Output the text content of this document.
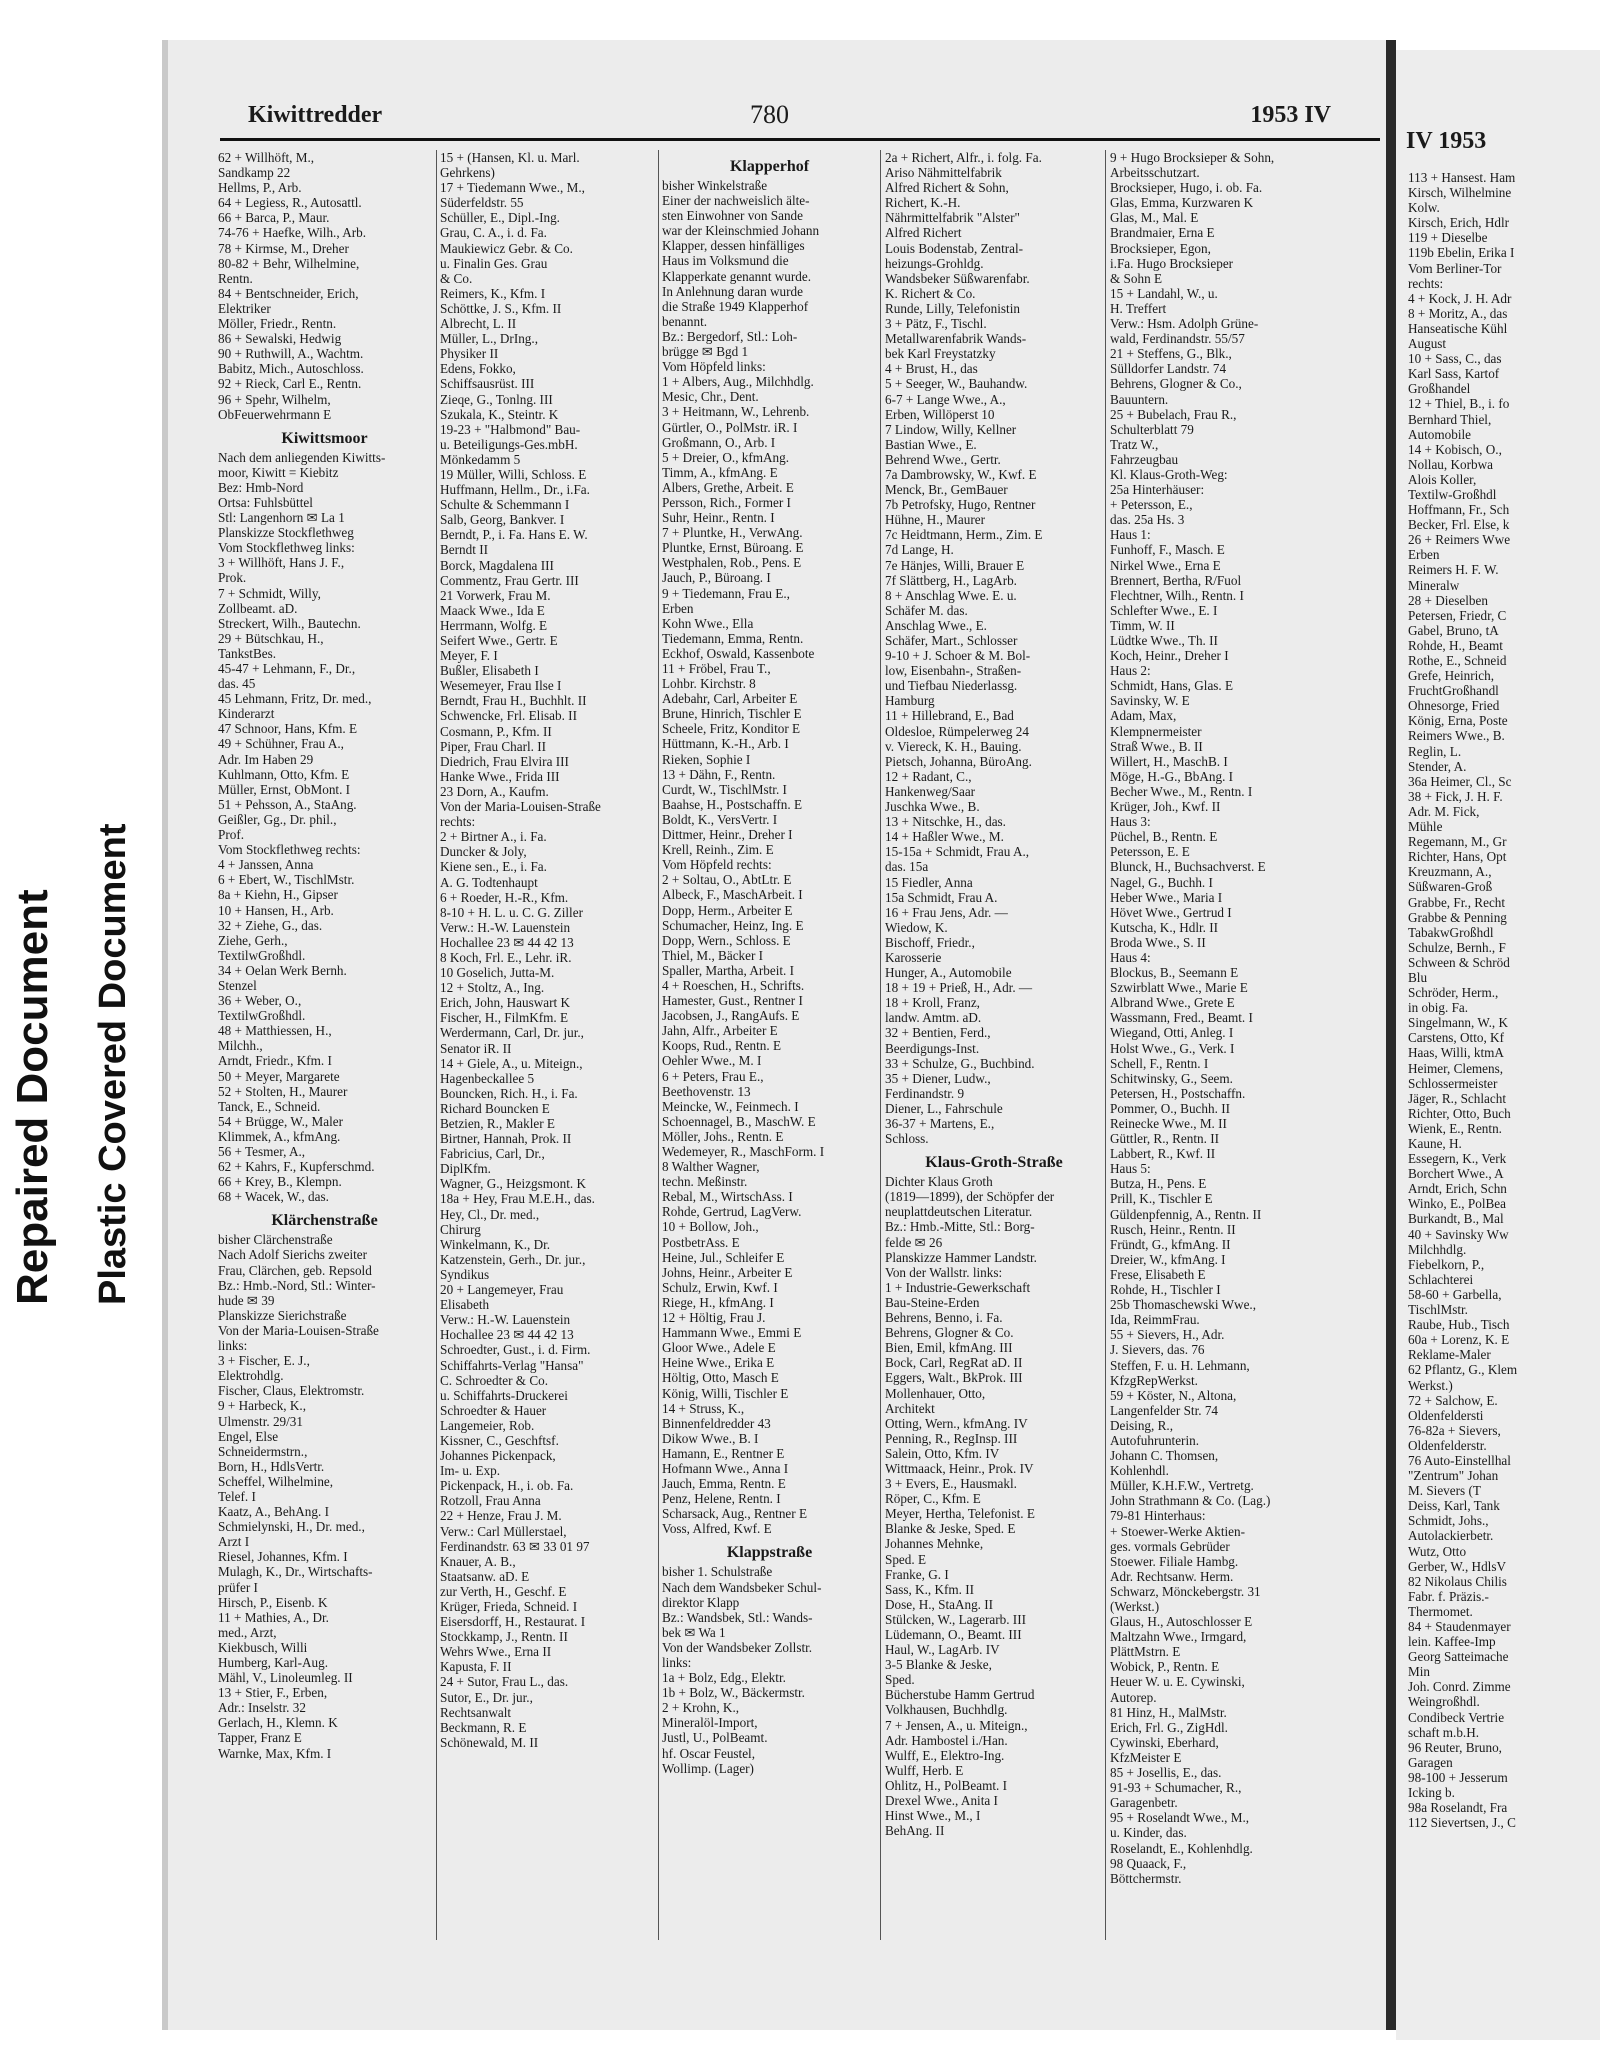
Repaired Document Plastic Covered Document
IV 1953
113 + Hansest. Ham
Kirsch, Wilhelmine
Kolw.
Kirsch, Erich, Hdlr
119 + Dieselbe
119b Ebelin, Erika I
Vom Berliner-Tor
rechts:
4 + Kock, J. H. Adr
8 + Moritz, A., das
Hanseatische Kühl
August
10 + Sass, C., das
Karl Sass, Kartof
Großhandel
12 + Thiel, B., i. fo
Bernhard Thiel,
Automobile
14 + Kobisch, O.,
Nollau, Korbwa
Alois Koller,
Textilw-Großhdl
Hoffmann, Fr., Sch
Becker, Frl. Else, k
26 + Reimers Wwe
Erben
Reimers H. F. W.
Mineralw
28 + Dieselben
Petersen, Friedr, C
Gabel, Bruno, tA
Rohde, H., Beamt
Rothe, E., Schneid
Grefe, Heinrich,
FruchtGroßhandl
Ohnesorge, Fried
König, Erna, Poste
Reimers Wwe., B.
Reglin, L.
Stender, A.
36a Heimer, Cl., Sc
38 + Fick, J. H. F.
Adr. M. Fick,
Mühle
Regemann, M., Gr
Richter, Hans, Opt
Kreuzmann, A.,
Süßwaren-Groß
Grabbe, Fr., Recht
Grabbe & Penning
TabakwGroßhdl
Schulze, Bernh., F
Schween & Schröd
Blu
Schröder, Herm.,
in obig. Fa.
Singelmann, W., K
Carstens, Otto, Kf
Haas, Willi, ktmA
Heimer, Clemens,
Schlossermeister
Jäger, R., Schlacht
Richter, Otto, Buch
Wienk, E., Rentn.
Kaune, H.
Essegern, K., Verk
Borchert Wwe., A
Arndt, Erich, Schn
Winko, E., PolBea
Burkandt, B., Mal
40 + Savinsky Ww
Milchhdlg.
Fiebelkorn, P.,
Schlachterei
58-60 + Garbella,
TischlMstr.
Raube, Hub., Tisch
60a + Lorenz, K. E
Reklame-Maler
62 Pflantz, G., Klem
Werkst.)
72 + Salchow, E.
Oldenfeldersti
76-82a + Sievers,
Oldenfelderstr.
76 Auto-Einstellhal
"Zentrum" Johan
M. Sievers (T
Deiss, Karl, Tank
Schmidt, Johs.,
Autolackierbetr.
Wutz, Otto
Gerber, W., HdlsV
82 Nikolaus Chilis
Fabr. f. Präzis.-
Thermomet.
84 + Staudenmayer
lein. Kaffee-Imp
Georg Satteimache
Min
Joh. Conrd. Zimme
Weingroßhdl.
Condibeck Vertrie
schaft m.b.H.
96 Reuter, Bruno,
Garagen
98-100 + Jesserum
Icking b.
98a Roselandt, Fra
112 Sievertsen, J., C
Kiwittredder	780	1953 IV
62 + Willhöft, M.,
Sandkamp 22
Hellms, P., Arb.
64 + Legiess, R., Autosattl.
66 + Barca, P., Maur.
74-76 + Haefke, Wilh., Arb.
78 + Kirmse, M., Dreher
80-82 + Behr, Wilhelmine,
Rentn.
84 + Bentschneider, Erich,
Elektriker
Möller, Friedr., Rentn.
86 + Sewalski, Hedwig
90 + Ruthwill, A., Wachtm.
Babitz, Mich., Autoschloss.
92 + Rieck, Carl E., Rentn.
96 + Spehr, Wilhelm,
ObFeuerwehrmann E
Kiwittsmoor
Nach dem anliegenden Kiwitts-
moor, Kiwitt = Kiebitz
Bez: Hmb-Nord
Ortsa: Fuhlsbüttel
Stl: Langenhorn ✉ La 1
Planskizze Stockflethweg
Vom Stockflethweg links:
3 + Willhöft, Hans J. F.,
Prok.
7 + Schmidt, Willy,
Zollbeamt. aD.
Streckert, Wilh., Bautechn.
29 + Bütschkau, H.,
TankstBes.
45-47 + Lehmann, F., Dr.,
das. 45
45 Lehmann, Fritz, Dr. med.,
Kinderarzt
47 Schnoor, Hans, Kfm. E
49 + Schühner, Frau A.,
Adr. Im Haben 29
Kuhlmann, Otto, Kfm. E
Müller, Ernst, ObMont. I
51 + Pehsson, A., StaAng.
Geißler, Gg., Dr. phil.,
Prof.
Vom Stockflethweg rechts:
4 + Janssen, Anna
6 + Ebert, W., TischlMstr.
8a + Kiehn, H., Gipser
10 + Hansen, H., Arb.
32 + Ziehe, G., das.
Ziehe, Gerh.,
TextilwGroßhdl.
34 + Oelan Werk Bernh.
Stenzel
36 + Weber, O.,
TextilwGroßhdl.
48 + Matthiessen, H.,
Milchh.,
Arndt, Friedr., Kfm. I
50 + Meyer, Margarete
52 + Stolten, H., Maurer
Tanck, E., Schneid.
54 + Brügge, W., Maler
Klimmek, A., kfmAng.
56 + Tesmer, A.,
62 + Kahrs, F., Kupferschmd.
66 + Krey, B., Klempn.
68 + Wacek, W., das.
Klärchenstraße
bisher Clärchenstraße
Nach Adolf Sierichs zweiter
Frau, Clärchen, geb. Repsold
Bz.: Hmb.-Nord, Stl.: Winter-
hude ✉ 39
Planskizze Sierichstraße
Von der Maria-Louisen-Straße
links:
3 + Fischer, E. J.,
Elektrohdlg.
Fischer, Claus, Elektromstr.
9 + Harbeck, K.,
Ulmenstr. 29/31
Engel, Else
Schneidermstrn.,
Born, H., HdlsVertr.
Scheffel, Wilhelmine,
Telef. I
Kaatz, A., BehAng. I
Schmielynski, H., Dr. med.,
Arzt I
Riesel, Johannes, Kfm. I
Mulagh, K., Dr., Wirtschafts-
prüfer I
Hirsch, P., Eisenb. K
11 + Mathies, A., Dr.
med., Arzt,
Kiekbusch, Willi
Humberg, Karl-Aug.
Mähl, V., Linoleumleg. II
13 + Stier, F., Erben,
Adr.: Inselstr. 32
Gerlach, H., Klemn. K
Tapper, Franz E
Warnke, Max, Kfm. I
15 + (Hansen, Kl. u. Marl.
Gehrkens)
17 + Tiedemann Wwe., M.,
Süderfeldstr. 55
Schüller, E., Dipl.-Ing.
Grau, C. A., i. d. Fa.
Maukiewicz Gebr. & Co.
u. Finalin Ges. Grau
& Co.
Reimers, K., Kfm. I
Schöttke, J. S., Kfm. II
Albrecht, L. II
Müller, L., DrIng.,
Physiker II
Edens, Fokko,
Schiffsausrüst. III
Zieqe, G., Tonlng. III
Szukala, K., Steintr. K
19-23 + "Halbmond" Bau-
u. Beteiligungs-Ges.mbH.
Mönkedamm 5
19 Müller, Willi, Schloss. E
Huffmann, Hellm., Dr., i.Fa.
Schulte & Schemmann I
Salb, Georg, Bankver. I
Berndt, P., i. Fa. Hans E. W.
Berndt II
Borck, Magdalena III
Commentz, Frau Gertr. III
21 Vorwerk, Frau M.
Maack Wwe., Ida E
Herrmann, Wolfg. E
Seifert Wwe., Gertr. E
Meyer, F. I
Bußler, Elisabeth I
Wesemeyer, Frau Ilse I
Berndt, Frau H., Buchhlt. II
Schwencke, Frl. Elisab. II
Cosmann, P., Kfm. II
Piper, Frau Charl. II
Diedrich, Frau Elvira III
Hanke Wwe., Frida III
23 Dorn, A., Kaufm.
Von der Maria-Louisen-Straße
rechts:
2 + Birtner A., i. Fa.
Duncker & Joly,
Kiene sen., E., i. Fa.
A. G. Todtenhaupt
6 + Roeder, H.-R., Kfm.
8-10 + H. L. u. C. G. Ziller
Verw.: H.-W. Lauenstein
Hochallee 23 ✉ 44 42 13
8 Koch, Frl. E., Lehr. iR.
10 Goselich, Jutta-M.
12 + Stoltz, A., Ing.
Erich, John, Hauswart K
Fischer, H., FilmKfm. E
Werdermann, Carl, Dr. jur.,
Senator iR. II
14 + Giele, A., u. Miteign.,
Hagenbeckallee 5
Bouncken, Rich. H., i. Fa.
Richard Bouncken E
Betzien, R., Makler E
Birtner, Hannah, Prok. II
Fabricius, Carl, Dr.,
DiplKfm.
Wagner, G., Heizgsmont. K
18a + Hey, Frau M.E.H., das.
Hey, Cl., Dr. med.,
Chirurg
Winkelmann, K., Dr.
Katzenstein, Gerh., Dr. jur.,
Syndikus
20 + Langemeyer, Frau
Elisabeth
Verw.: H.-W. Lauenstein
Hochallee 23 ✉ 44 42 13
Schroedter, Gust., i. d. Firm.
Schiffahrts-Verlag "Hansa"
C. Schroedter & Co.
u. Schiffahrts-Druckerei
Schroedter & Hauer
Langemeier, Rob.
Kissner, C., Geschftsf.
Johannes Pickenpack,
Im- u. Exp.
Pickenpack, H., i. ob. Fa.
Rotzoll, Frau Anna
22 + Henze, Frau J. M.
Verw.: Carl Müllerstael,
Ferdinandstr. 63 ✉ 33 01 97
Knauer, A. B.,
Staatsanw. aD. E
zur Verth, H., Geschf. E
Krüger, Frieda, Schneid. I
Eisersdorff, H., Restaurat. I
Stockkamp, J., Rentn. II
Wehrs Wwe., Erna II
Kapusta, F. II
24 + Sutor, Frau L., das.
Sutor, E., Dr. jur.,
Rechtsanwalt
Beckmann, R. E
Schönewald, M. II
Klapperhof
bisher Winkelstraße
Einer der nachweislich älte-
sten Einwohner von Sande
war der Kleinschmied Johann
Klapper, dessen hinfälliges
Haus im Volksmund die
Klapperkate genannt wurde.
In Anlehnung daran wurde
die Straße 1949 Klapperhof
benannt.
Bz.: Bergedorf, Stl.: Loh-
brügge ✉ Bgd 1
Vom Höpfeld links:
1 + Albers, Aug., Milchhdlg.
Mesic, Chr., Dent.
3 + Heitmann, W., Lehrenb.
Gürtler, O., PolMstr. iR. I
Großmann, O., Arb. I
5 + Dreier, O., kfmAng.
Timm, A., kfmAng. E
Albers, Grethe, Arbeit. E
Persson, Rich., Former I
Suhr, Heinr., Rentn. I
7 + Pluntke, H., VerwAng.
Pluntke, Ernst, Büroang. E
Westphalen, Rob., Pens. E
Jauch, P., Büroang. I
9 + Tiedemann, Frau E.,
Erben
Kohn Wwe., Ella
Tiedemann, Emma, Rentn.
Eckhof, Oswald, Kassenbote
11 + Fröbel, Frau T.,
Lohbr. Kirchstr. 8
Adebahr, Carl, Arbeiter E
Brune, Hinrich, Tischler E
Scheele, Fritz, Konditor E
Hüttmann, K.-H., Arb. I
Rieken, Sophie I
13 + Dähn, F., Rentn.
Curdt, W., TischlMstr. I
Baahse, H., Postschaffn. E
Boldt, K., VersVertr. I
Dittmer, Heinr., Dreher I
Krell, Reinh., Zim. E
Vom Höpfeld rechts:
2 + Soltau, O., AbtLtr. E
Albeck, F., MaschArbeit. I
Dopp, Herm., Arbeiter E
Schumacher, Heinz, Ing. E
Dopp, Wern., Schloss. E
Thiel, M., Bäcker I
Spaller, Martha, Arbeit. I
4 + Roeschen, H., Schrifts.
Hamester, Gust., Rentner I
Jacobsen, J., RangAufs. E
Jahn, Alfr., Arbeiter E
Koops, Rud., Rentn. E
Oehler Wwe., M. I
6 + Peters, Frau E.,
Beethovenstr. 13
Meincke, W., Feinmech. I
Schoennagel, B., MaschW. E
Möller, Johs., Rentn. E
Wedemeyer, R., MaschForm. I
8 Walther Wagner,
techn. Meßinstr.
Rebal, M., WirtschAss. I
Rohde, Gertrud, LagVerw.
10 + Bollow, Joh.,
PostbetrAss. E
Heine, Jul., Schleifer E
Johns, Heinr., Arbeiter E
Schulz, Erwin, Kwf. I
Riege, H., kfmAng. I
12 + Höltig, Frau J.
Hammann Wwe., Emmi E
Gloor Wwe., Adele E
Heine Wwe., Erika E
Höltig, Otto, Masch E
König, Willi, Tischler E
14 + Struss, K.,
Binnenfeldredder 43
Dikow Wwe., B. I
Hamann, E., Rentner E
Hofmann Wwe., Anna I
Jauch, Emma, Rentn. E
Penz, Helene, Rentn. I
Scharsack, Aug., Rentner E
Voss, Alfred, Kwf. E
Klappstraße
bisher 1. Schulstraße
Nach dem Wandsbeker Schul-
direktor Klapp
Bz.: Wandsbek, Stl.: Wands-
bek ✉ Wa 1
Von der Wandsbeker Zollstr.
links:
1a + Bolz, Edg., Elektr.
1b + Bolz, W., Bäckermstr.
2 + Krohn, K.,
Mineralöl-Import,
Justl, U., PolBeamt.
hf. Oscar Feustel,
Wollimp. (Lager)
2a + Richert, Alfr., i. folg. Fa.
Ariso Nähmittelfabrik
Alfred Richert & Sohn,
Richert, K.-H.
Nährmittelfabrik "Alster"
Alfred Richert
Louis Bodenstab, Zentral-
heizungs-Grohldg.
Wandsbeker Süßwarenfabr.
K. Richert & Co.
Runde, Lilly, Telefonistin
3 + Pätz, F., Tischl.
Metallwarenfabrik Wands-
bek Karl Freystatzky
4 + Brust, H., das
5 + Seeger, W., Bauhandw.
6-7 + Lange Wwe., A.,
Erben, Willöperst 10
7 Lindow, Willy, Kellner
Bastian Wwe., E.
Behrend Wwe., Gertr.
7a Dambrowsky, W., Kwf. E
Menck, Br., GemBauer
7b Petrofsky, Hugo, Rentner
Hühne, H., Maurer
7c Heidtmann, Herm., Zim. E
7d Lange, H.
7e Hänjes, Willi, Brauer E
7f Slättberg, H., LagArb.
8 + Anschlag Wwe. E. u.
Schäfer M. das.
Anschlag Wwe., E.
Schäfer, Mart., Schlosser
9-10 + J. Schoer & M. Bol-
low, Eisenbahn-, Straßen-
und Tiefbau Niederlassg.
Hamburg
11 + Hillebrand, E., Bad
Oldesloe, Rümpelerweg 24
v. Viereck, K. H., Bauing.
Pietsch, Johanna, BüroAng.
12 + Radant, C.,
Hankenweg/Saar
Juschka Wwe., B.
13 + Nitschke, H., das.
14 + Haßler Wwe., M.
15-15a + Schmidt, Frau A.,
das. 15a
15 Fiedler, Anna
15a Schmidt, Frau A.
16 + Frau Jens, Adr. —
Wiedow, K.
Bischoff, Friedr.,
Karosserie
Hunger, A., Automobile
18 + 19 + Prieß, H., Adr. —
18 + Kroll, Franz,
landw. Amtm. aD.
32 + Bentien, Ferd.,
Beerdigungs-Inst.
33 + Schulze, G., Buchbind.
35 + Diener, Ludw.,
Ferdinandstr. 9
Diener, L., Fahrschule
36-37 + Martens, E.,
Schloss.
Klaus-Groth-Straße
Dichter Klaus Groth
(1819—1899), der Schöpfer der
neuplattdeutschen Literatur.
Bz.: Hmb.-Mitte, Stl.: Borg-
felde ✉ 26
Planskizze Hammer Landstr.
Von der Wallstr. links:
1 + Industrie-Gewerkschaft
Bau-Steine-Erden
Behrens, Benno, i. Fa.
Behrens, Glogner & Co.
Bien, Emil, kfmAng. III
Bock, Carl, RegRat aD. II
Eggers, Walt., BkProk. III
Mollenhauer, Otto,
Architekt
Otting, Wern., kfmAng. IV
Penning, R., RegInsp. III
Salein, Otto, Kfm. IV
Wittmaack, Heinr., Prok. IV
3 + Evers, E., Hausmakl.
Röper, C., Kfm. E
Meyer, Hertha, Telefonist. E
Blanke & Jeske, Sped. E
Johannes Mehnke,
Sped. E
Franke, G. I
Sass, K., Kfm. II
Dose, H., StaAng. II
Stülcken, W., Lagerarb. III
Lüdemann, O., Beamt. III
Haul, W., LagArb. IV
3-5 Blanke & Jeske,
Sped.
Bücherstube Hamm Gertrud
Volkhausen, Buchhdlg.
7 + Jensen, A., u. Miteign.,
Adr. Hambostel i./Han.
Wulff, E., Elektro-Ing.
Wulff, Herb. E
Ohlitz, H., PolBeamt. I
Drexel Wwe., Anita I
Hinst Wwe., M., I
BehAng. II
9 + Hugo Brocksieper & Sohn,
Arbeitsschutzart.
Brocksieper, Hugo, i. ob. Fa.
Glas, Emma, Kurzwaren K
Glas, M., Mal. E
Brandmaier, Erna E
Brocksieper, Egon,
i.Fa. Hugo Brocksieper
& Sohn E
15 + Landahl, W., u.
H. Treffert
Verw.: Hsm. Adolph Grüne-
wald, Ferdinandstr. 55/57
21 + Steffens, G., Blk.,
Sülldorfer Landstr. 74
Behrens, Glogner & Co.,
Bauuntern.
25 + Bubelach, Frau R.,
Schulterblatt 79
Tratz W.,
Fahrzeugbau
Kl. Klaus-Groth-Weg:
25a Hinterhäuser:
+ Petersson, E.,
das. 25a Hs. 3
Haus 1:
Funhoff, F., Masch. E
Nirkel Wwe., Erna E
Brennert, Bertha, R/Fuol
Flechtner, Wilh., Rentn. I
Schlefter Wwe., E. I
Timm, W. II
Lüdtke Wwe., Th. II
Koch, Heinr., Dreher I
Haus 2:
Schmidt, Hans, Glas. E
Savinsky, W. E
Adam, Max,
Klempnermeister
Straß Wwe., B. II
Willert, H., MaschB. I
Möge, H.-G., BbAng. I
Becher Wwe., M., Rentn. I
Krüger, Joh., Kwf. II
Haus 3:
Püchel, B., Rentn. E
Petersson, E. E
Blunck, H., Buchsachverst. E
Nagel, G., Buchh. I
Heber Wwe., Maria I
Hövet Wwe., Gertrud I
Kutscha, K., Hdlr. II
Broda Wwe., S. II
Haus 4:
Blockus, B., Seemann E
Szwirblatt Wwe., Marie E
Albrand Wwe., Grete E
Wassmann, Fred., Beamt. I
Wiegand, Otti, Anleg. I
Holst Wwe., G., Verk. I
Schell, F., Rentn. I
Schitwinsky, G., Seem.
Petersen, H., Postschaffn.
Pommer, O., Buchh. II
Reinecke Wwe., M. II
Güttler, R., Rentn. II
Labbert, R., Kwf. II
Haus 5:
Butza, H., Pens. E
Prill, K., Tischler E
Güldenpfennig, A., Rentn. II
Rusch, Heinr., Rentn. II
Fründt, G., kfmAng. II
Dreier, W., kfmAng. I
Frese, Elisabeth E
Rohde, H., Tischler I
25b Thomaschewski Wwe.,
Ida, ReimmFrau.
55 + Sievers, H., Adr.
J. Sievers, das. 76
Steffen, F. u. H. Lehmann,
KfzgRepWerkst.
59 + Köster, N., Altona,
Langenfelder Str. 74
Deising, R.,
Autofuhrunterin.
Johann C. Thomsen,
Kohlenhdl.
Müller, K.H.F.W., Vertretg.
John Strathmann & Co. (Lag.)
79-81 Hinterhaus:
+ Stoewer-Werke Aktien-
ges. vormals Gebrüder
Stoewer. Filiale Hambg.
Adr. Rechtsanw. Herm.
Schwarz, Mönckebergstr. 31
(Werkst.)
Glaus, H., Autoschlosser E
Maltzahn Wwe., Irmgard,
PlättMstrn. E
Wobick, P., Rentn. E
Heuer W. u. E. Cywinski,
Autorep.
81 Hinz, H., MalMstr.
Erich, Frl. G., ZigHdl.
Cywinski, Eberhard,
KfzMeister E
85 + Josellis, E., das.
91-93 + Schumacher, R.,
Garagenbetr.
95 + Roselandt Wwe., M.,
u. Kinder, das.
Roselandt, E., Kohlenhdlg.
98 Quaack, F.,
Böttchermstr.
